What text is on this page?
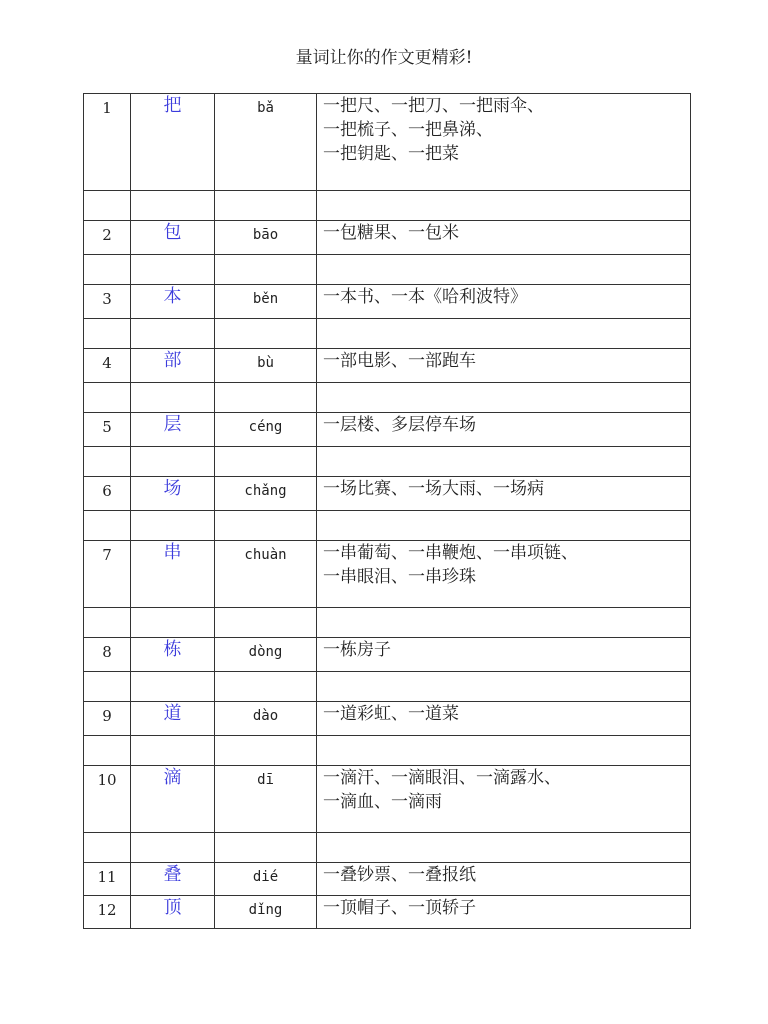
量词让你的作文更精彩!
1	把	bǎ	一把尺、一把刀、一把雨伞、
一把梳子、一把鼻涕、
一把钥匙、一把菜

2	包	bāo	一包糖果、一包米

3	本	běn	一本书、一本《哈利波特》

4	部	bù	一部电影、一部跑车

5	层	céng	一层楼、多层停车场

6	场	chǎng	一场比赛、一场大雨、一场病

7	串	chuàn	一串葡萄、一串鞭炮、一串项链、
一串眼泪、一串珍珠

8	栋	dòng	一栋房子

9	道	dào	一道彩虹、一道菜

10	滴	dī	一滴汗、一滴眼泪、一滴露水、
一滴血、一滴雨

11	叠	dié	一叠钞票、一叠报纸

12	顶	dǐng	一顶帽子、一顶轿子
